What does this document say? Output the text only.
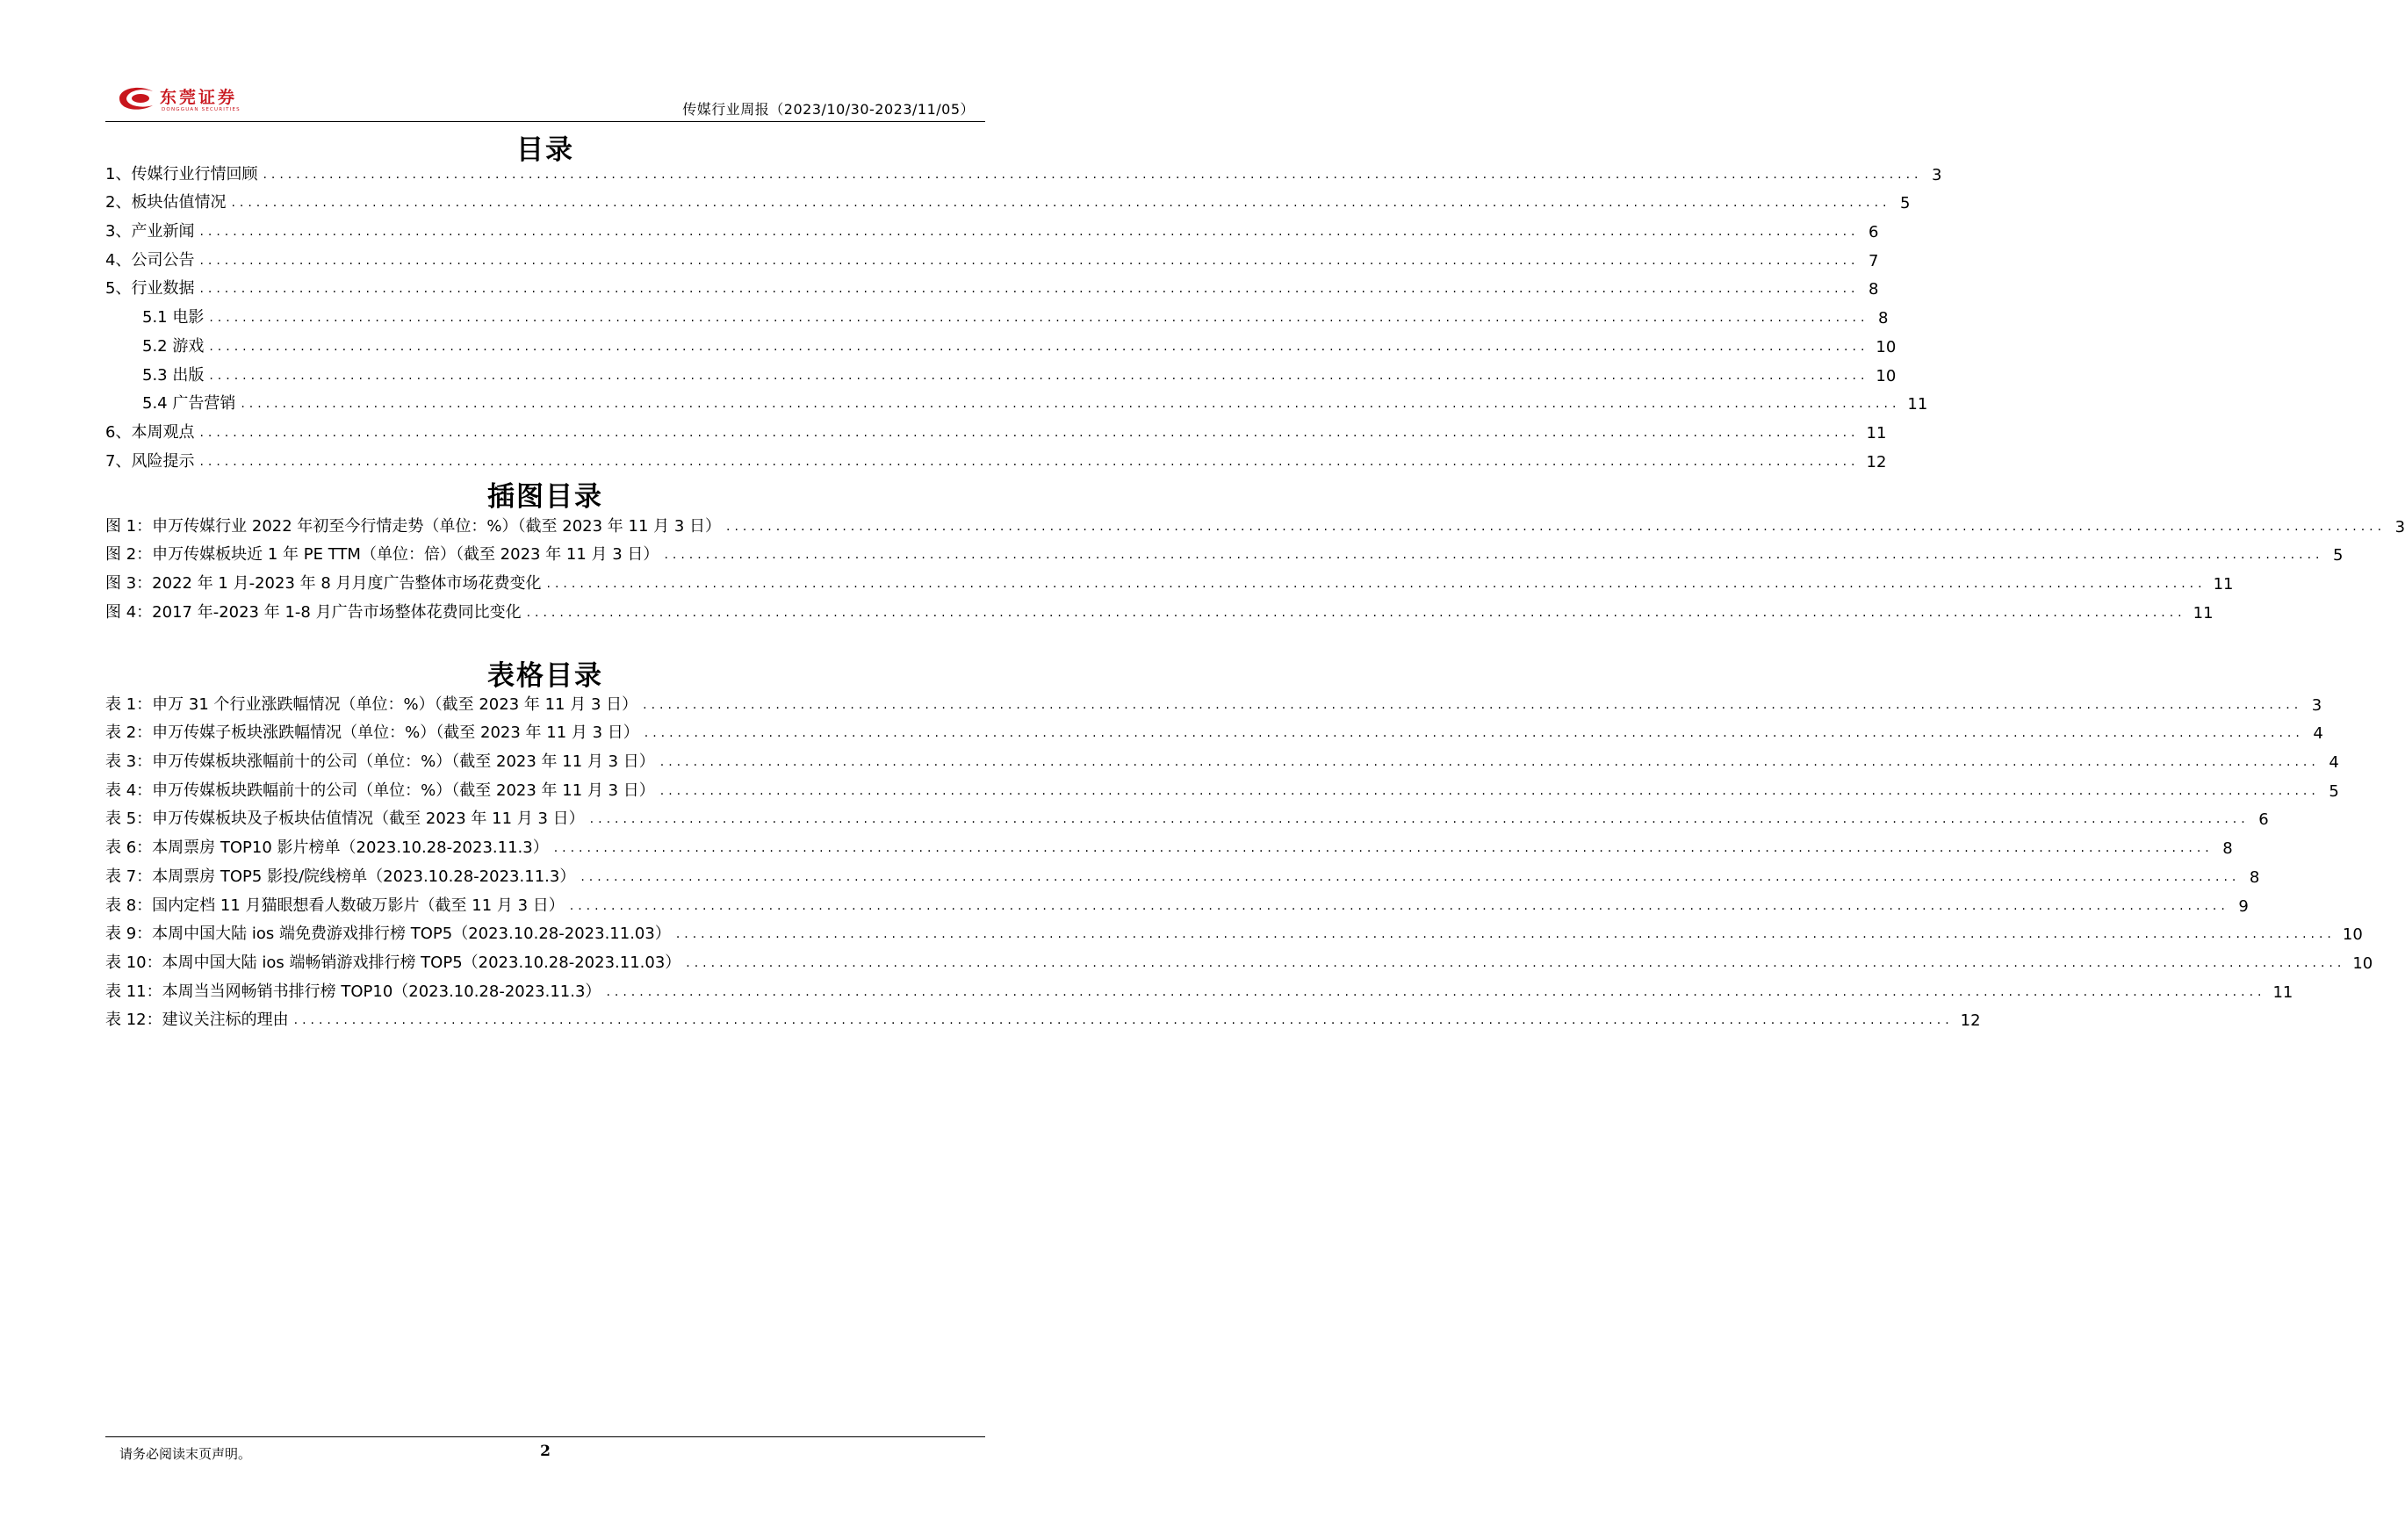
东莞证券
DONGGUAN SECURITIES	传媒行业周报（2023/10/30-2023/11/05）
目录
1、传媒行业行情回顾 ........................................................................................................................................................................................................ 3
2、板块估值情况 ........................................................................................................................................................................................................ 5
3、产业新闻 ........................................................................................................................................................................................................ 6
4、公司公告 ........................................................................................................................................................................................................ 7
5、行业数据 ........................................................................................................................................................................................................ 8
5.1 电影 ........................................................................................................................................................................................................ 8
5.2 游戏 ........................................................................................................................................................................................................ 10
5.3 出版 ........................................................................................................................................................................................................ 10
5.4 广告营销 ........................................................................................................................................................................................................ 11
6、本周观点 ........................................................................................................................................................................................................ 11
7、风险提示 ........................................................................................................................................................................................................ 12
插图目录
图 1：申万传媒行业 2022 年初至今行情走势（单位：%）（截至 2023 年 11 月 3 日） ........................................................................................................................................................................................................ 3
图 2：申万传媒板块近 1 年 PE TTM（单位：倍）（截至 2023 年 11 月 3 日） ........................................................................................................................................................................................................ 5
图 3：2022 年 1 月-2023 年 8 月月度广告整体市场花费变化 ........................................................................................................................................................................................................ 11
图 4：2017 年-2023 年 1-8 月广告市场整体花费同比变化 ........................................................................................................................................................................................................ 11
表格目录
表 1：申万 31 个行业涨跌幅情况（单位：%）（截至 2023 年 11 月 3 日） ........................................................................................................................................................................................................ 3
表 2：申万传媒子板块涨跌幅情况（单位：%）（截至 2023 年 11 月 3 日） ........................................................................................................................................................................................................ 4
表 3：申万传媒板块涨幅前十的公司（单位：%）（截至 2023 年 11 月 3 日） ........................................................................................................................................................................................................ 4
表 4：申万传媒板块跌幅前十的公司（单位：%）（截至 2023 年 11 月 3 日） ........................................................................................................................................................................................................ 5
表 5：申万传媒板块及子板块估值情况（截至 2023 年 11 月 3 日） ........................................................................................................................................................................................................ 6
表 6：本周票房 TOP10 影片榜单（2023.10.28-2023.11.3） ........................................................................................................................................................................................................ 8
表 7：本周票房 TOP5 影投/院线榜单（2023.10.28-2023.11.3） ........................................................................................................................................................................................................ 8
表 8：国内定档 11 月猫眼想看人数破万影片（截至 11 月 3 日） ........................................................................................................................................................................................................ 9
表 9：本周中国大陆 ios 端免费游戏排行榜 TOP5（2023.10.28-2023.11.03） ........................................................................................................................................................................................................ 10
表 10：本周中国大陆 ios 端畅销游戏排行榜 TOP5（2023.10.28-2023.11.03） ........................................................................................................................................................................................................ 10
表 11：本周当当网畅销书排行榜 TOP10（2023.10.28-2023.11.3） ........................................................................................................................................................................................................ 11
表 12：建议关注标的理由 ........................................................................................................................................................................................................ 12
请务必阅读末页声明。	2
